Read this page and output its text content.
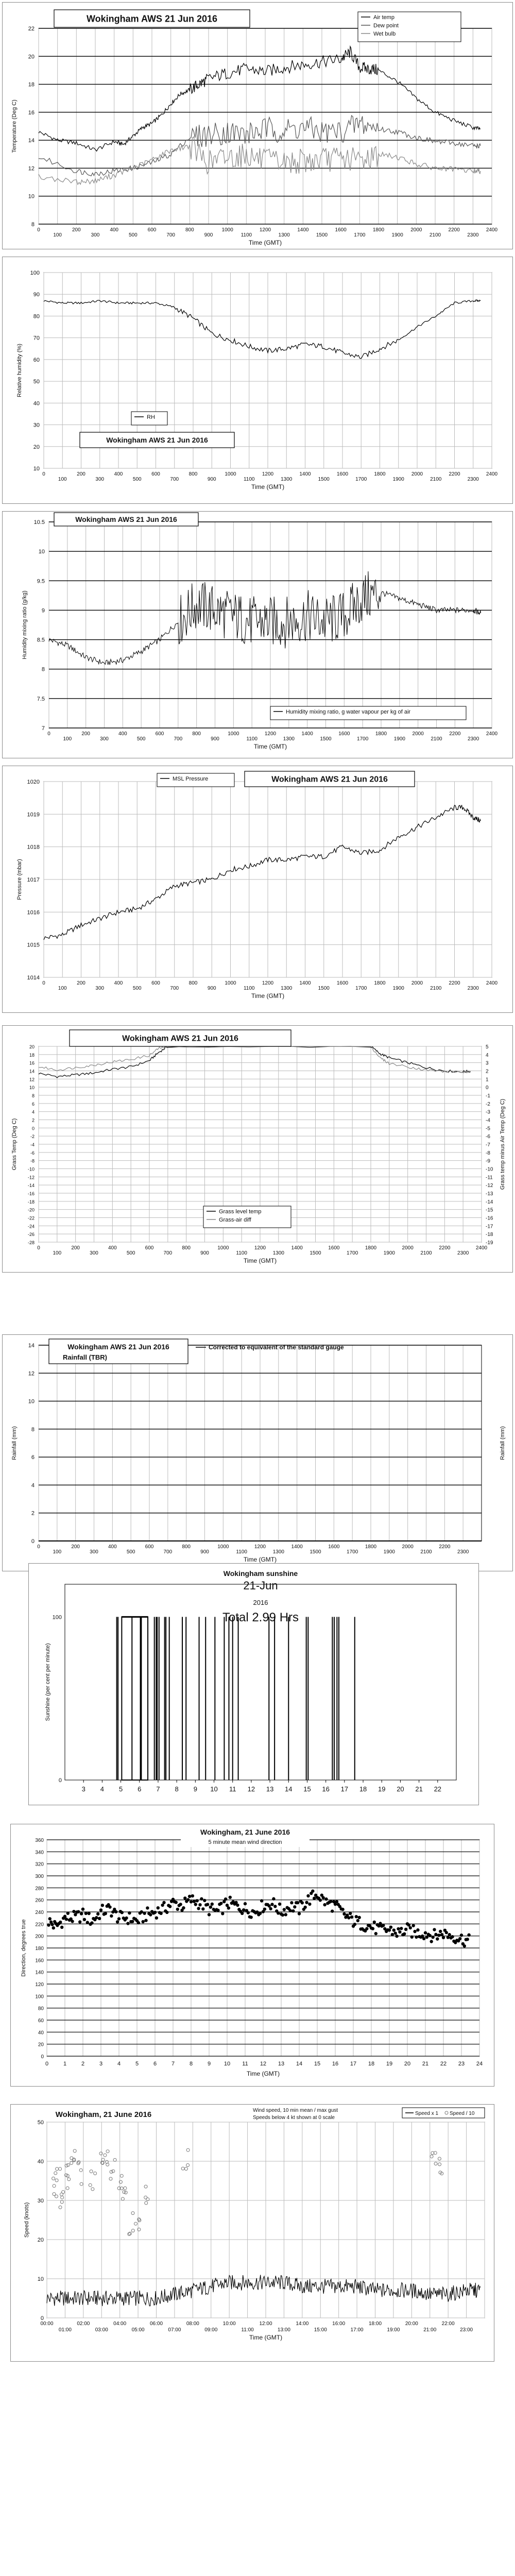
8
10
12
14
16
18
20
22
0
100
200
300
400
500
600
700
800
900
1000
1100
1200
1300
1400
1500
1600
1700
1800
1900
2000
2100
2200
2300
2400
Time (GMT)
Temperature (Deg C)
Wokingham AWS 21 Jun 2016	Air temp
Dew point
Wet bulb
10
20
30
40
50
60
70
80
90
100
0
100
200
300
400
500
600
700
800
900
1000
1100
1200
1300
1400
1500
1600
1700
1800
1900
2000
2100
2200
2300
2400
Time (GMT)
Relative humidity (%)
Wokingham AWS 21 Jun 2016
RH
7
7.5
8
8.5
9
9.5
10
10.5
0
100
200
300
400
500
600
700
800
900
1000
1100
1200
1300
1400
1500
1600
1700
1800
1900
2000
2100
2200
2300
2400
Time (GMT)
Humidity mixing ratio (g/kg)
Wokingham AWS 21 Jun 2016
Humidity mixing ratio, g water vapour per kg of air
1014
1015
1016
1017
1018
1019
1020
0
100
200
300
400
500
600
700
800
900
1000
1100
1200
1300
1400
1500
1600
1700
1800
1900
2000
2100
2200
2300
2400
Time (GMT)
Pressure (mbar)
MSL Pressure	Wokingham AWS 21 Jun 2016
-28
-26
-24
-22
-20
-18
-16
-14
-12
-10
-8
-6
-4
-2
0
2
4
6
8
10
12
14
16
18
20
0
100
200
300
400
500
600
700
800
900
1000
1100
1200
1300
1400
1500
1600
1700
1800
1900
2000
2100
2200
2300
2400
Time (GMT)
Grass Temp (Deg C)	Grass temp minus Air Temp (Deg C)
-19
-18
-17
-16
-15
-14
-13
-12
-11
-10
-9
-8
-7
-6
-5
-4
-3
-2
-1
0
1
2
3
4
5
Wokingham AWS 21 Jun 2016
Grass level temp
Grass-air diff
0
2
4
6
8
10
12
14
0
100
200
300
400
500
600
700
800
900
1000
1100
1200
1300
1400
1500
1600
1700
1800
1900
2000
2100
2200
2300
Time (GMT)
Rainfall (mm)	Rainfall (mm)
Wokingham AWS 21 Jun 2016
Rainfall (TBR)
Corrected to equivalent of the standard gauge
Wokingham sunshine
21-Jun
2016
Total 2.99 Hrs
Sunshine (per cent per minute)
0
100
3 4 5 6 7 8 9 10 11 12 13 14 15 16 17 18 19 20 21 22
0
20
40
60
80
100
120
140
160
180
200
220
240
260
280
300
320
340
360
0	1	2	3	4	5	6	7	8	9 10 11 12 13 14 15 16 17 18 19 20 21 22 23 24
Time (GMT)
Direction, degrees true
Wokingham, 21 June 2016
5 minute mean wind direction
0
10
20
30
40
50
00:00	02:00	04:00	06:00	08:00	10:00	12:00	14:00	16:00	18:00	20:00	22:00
01:00	03:00	05:00	07:00	09:00	11:00	13:00	15:00	17:00	19:00	21:00	23:00
Time (GMT)
Speed (knots)
Wokingham, 21 June 2016	Wind speed, 10 min mean / max gust
Speeds below 4 kt shown at 0 scale
Speed x 1 Speed / 10
